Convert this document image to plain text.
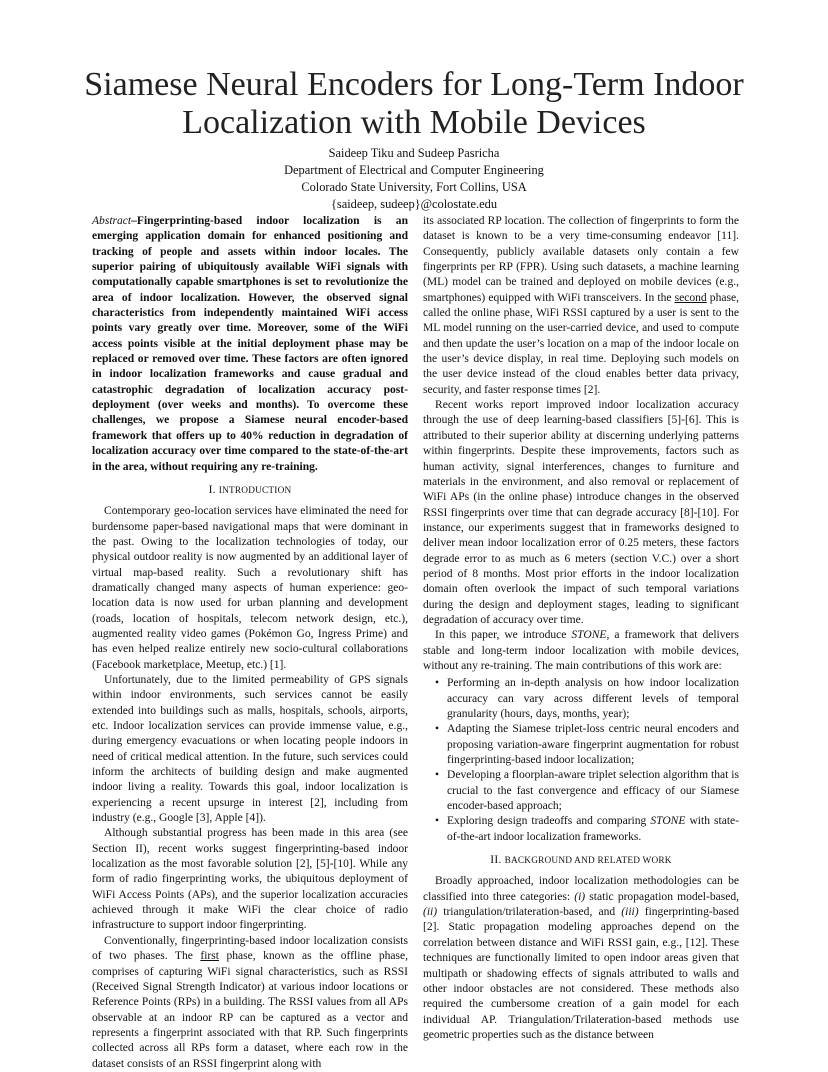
Siamese Neural Encoders for Long-Term Indoor Localization with Mobile Devices
Saideep Tiku and Sudeep Pasricha
Department of Electrical and Computer Engineering
Colorado State University, Fort Collins, USA
{saideep, sudeep}@colostate.edu

Abstract–Fingerprinting-based indoor localization is an emerging application domain for enhanced positioning and tracking of people and assets within indoor locales. The superior pairing of ubiquitously available WiFi signals with computationally capable smartphones is set to revolutionize the area of indoor localization. However, the observed signal characteristics from independently maintained WiFi access points vary greatly over time. Moreover, some of the WiFi access points visible at the initial deployment phase may be replaced or removed over time. These factors are often ignored in indoor localization frameworks and cause gradual and catastrophic degradation of localization accuracy post-deployment (over weeks and months). To overcome these challenges, we propose a Siamese neural encoder-based framework that offers up to 40% reduction in degradation of localization accuracy over time compared to the state-of-the-art in the area, without requiring any re-training.

I. INTRODUCTION

Contemporary geo-location services have eliminated the need for burdensome paper-based navigational maps that were dominant in the past. Owing to the localization technologies of today, our physical outdoor reality is now augmented by an additional layer of virtual map-based reality. Such a revolutionary shift has dramatically changed many aspects of human experience: geo-location data is now used for urban planning and development (roads, location of hospitals, telecom network design, etc.), augmented reality video games (Pokémon Go, Ingress Prime) and has even helped realize entirely new socio-cultural collaborations (Facebook marketplace, Meetup, etc.) [1].

Unfortunately, due to the limited permeability of GPS signals within indoor environments, such services cannot be easily extended into buildings such as malls, hospitals, schools, airports, etc. Indoor localization services can provide immense value, e.g., during emergency evacuations or when locating people indoors in need of critical medical attention. In the future, such services could inform the architects of building design and make augmented indoor living a reality. Towards this goal, indoor localization is experiencing a recent upsurge in interest [2], including from industry (e.g., Google [3], Apple [4]).

Although substantial progress has been made in this area (see Section II), recent works suggest fingerprinting-based indoor localization as the most favorable solution [2], [5]-[10]. While any form of radio fingerprinting works, the ubiquitous deployment of WiFi Access Points (APs), and the superior localization accuracies achieved through it make WiFi the clear choice of radio infrastructure to support indoor fingerprinting.

Conventionally, fingerprinting-based indoor localization consists of two phases. The first phase, known as the offline phase, comprises of capturing WiFi signal characteristics, such as RSSI (Received Signal Strength Indicator) at various indoor locations or Reference Points (RPs) in a building. The RSSI values from all APs observable at an indoor RP can be captured as a vector and represents a fingerprint associated with that RP. Such fingerprints collected across all RPs form a dataset, where each row in the dataset consists of an RSSI fingerprint along with

its associated RP location. The collection of fingerprints to form the dataset is known to be a very time-consuming endeavor [11]. Consequently, publicly available datasets only contain a few fingerprints per RP (FPR). Using such datasets, a machine learning (ML) model can be trained and deployed on mobile devices (e.g., smartphones) equipped with WiFi transceivers. In the second phase, called the online phase, WiFi RSSI captured by a user is sent to the ML model running on the user-carried device, and used to compute and then update the user’s location on a map of the indoor locale on the user’s device display, in real time. Deploying such models on the user device instead of the cloud enables better data privacy, security, and faster response times [2].

Recent works report improved indoor localization accuracy through the use of deep learning-based classifiers [5]-[6]. This is attributed to their superior ability at discerning underlying patterns within fingerprints. Despite these improvements, factors such as human activity, signal interferences, changes to furniture and materials in the environment, and also removal or replacement of WiFi APs (in the online phase) introduce changes in the observed RSSI fingerprints over time that can degrade accuracy [8]-[10]. For instance, our experiments suggest that in frameworks designed to deliver mean indoor localization error of 0.25 meters, these factors degrade error to as much as 6 meters (section V.C.) over a short period of 8 months. Most prior efforts in the indoor localization domain often overlook the impact of such temporal variations during the design and deployment stages, leading to significant degradation of accuracy over time.

In this paper, we introduce STONE, a framework that delivers stable and long-term indoor localization with mobile devices, without any re-training. The main contributions of this work are:

• Performing an in-depth analysis on how indoor localization accuracy can vary across different levels of temporal granularity (hours, days, months, year);
• Adapting the Siamese triplet-loss centric neural encoders and proposing variation-aware fingerprint augmentation for robust fingerprinting-based indoor localization;
• Developing a floorplan-aware triplet selection algorithm that is crucial to the fast convergence and efficacy of our Siamese encoder-based approach;
• Exploring design tradeoffs and comparing STONE with state-of-the-art indoor localization frameworks.
II. BACKGROUND AND RELATED WORK

Broadly approached, indoor localization methodologies can be classified into three categories: (i) static propagation model-based, (ii) triangulation/trilateration-based, and (iii) fingerprinting-based [2]. Static propagation modeling approaches depend on the correlation between distance and WiFi RSSI gain, e.g., [12]. These techniques are functionally limited to open indoor areas given that multipath or shadowing effects of signals attributed to walls and other indoor obstacles are not considered. These methods also required the cumbersome creation of a gain model for each individual AP. Triangulation/Trilateration-based methods use geometric properties such as the distance between
